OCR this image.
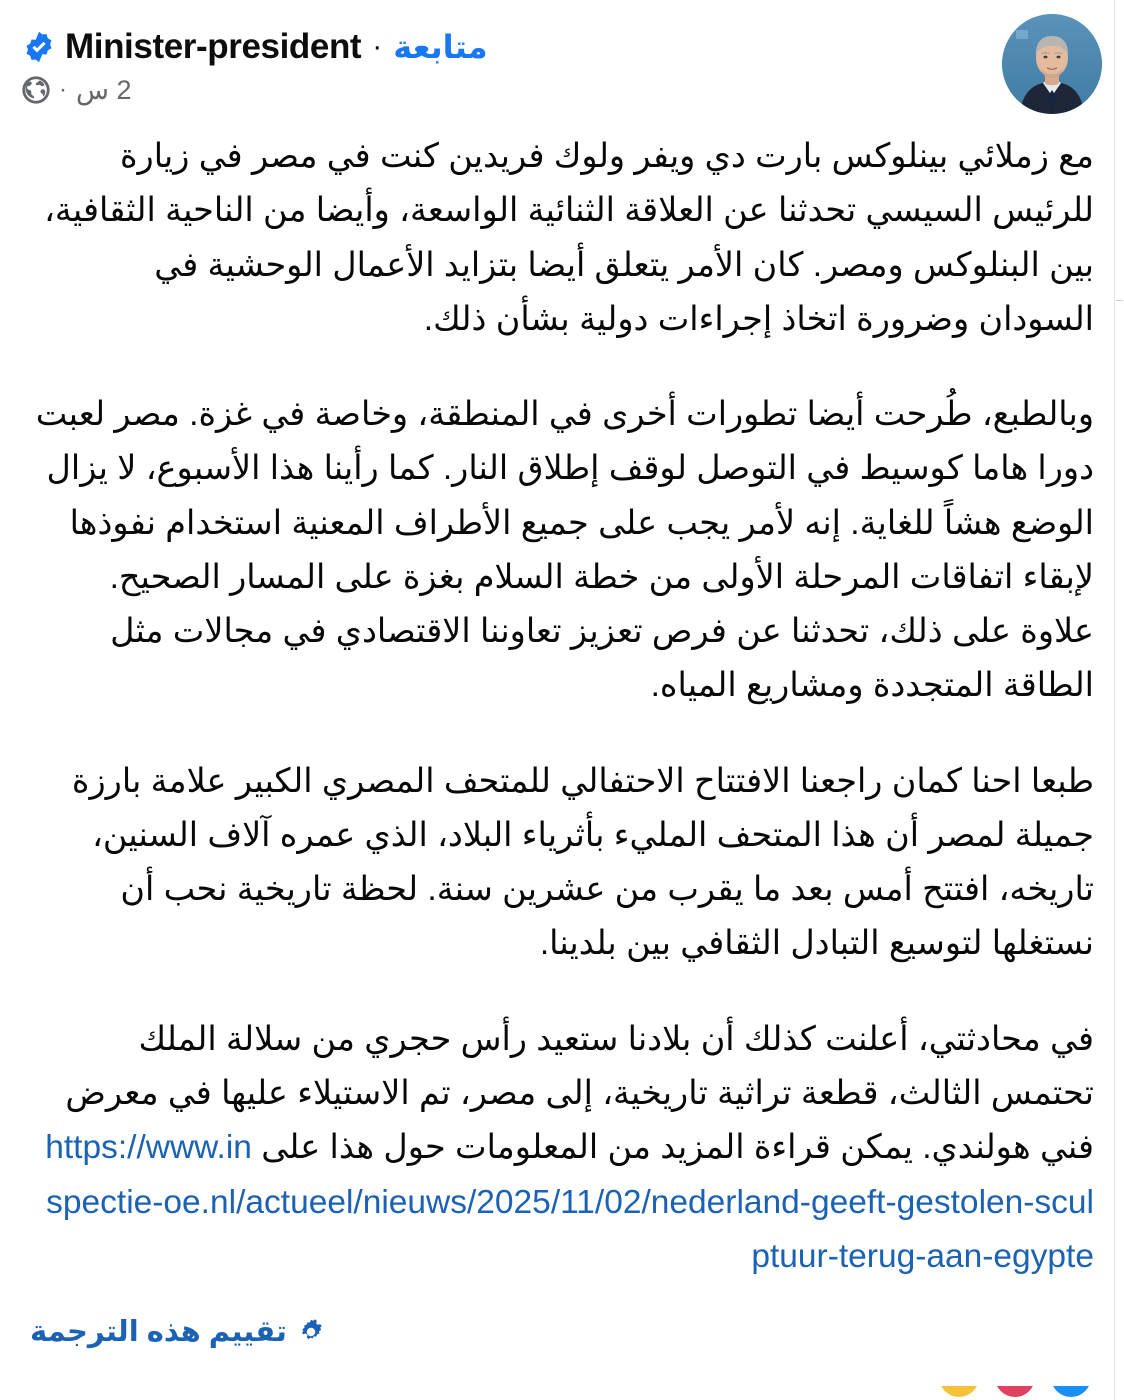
متابعة
·
Minister-president
2 س
·

مع زملائي بينلوكس بارت دي ويفر ولوك فريدين كنت في مصر في زيارة للرئيس السيسي تحدثنا عن العلاقة الثنائية الواسعة، وأيضا من الناحية الثقافية، بين البنلوكس ومصر. كان الأمر يتعلق أيضا بتزايد الأعمال الوحشية في السودان وضرورة اتخاذ إجراءات دولية بشأن ذلك.

وبالطبع، طُرحت أيضا تطورات أخرى في المنطقة، وخاصة في غزة. مصر لعبت دورا هاما كوسيط في التوصل لوقف إطلاق النار. كما رأينا هذا الأسبوع، لا يزال الوضع هشاً للغاية. إنه لأمر يجب على جميع الأطراف المعنية استخدام نفوذها لإبقاء اتفاقات المرحلة الأولى من خطة السلام بغزة على المسار الصحيح. علاوة على ذلك، تحدثنا عن فرص تعزيز تعاوننا الاقتصادي في مجالات مثل الطاقة المتجددة ومشاريع المياه.

طبعا احنا كمان راجعنا الافتتاح الاحتفالي للمتحف المصري الكبير علامة بارزة جميلة لمصر أن هذا المتحف المليء بأثرياء البلاد، الذي عمره آلاف السنين، تاريخه، افتتح أمس بعد ما يقرب من عشرين سنة. لحظة تاريخية نحب أن نستغلها لتوسيع التبادل الثقافي بين بلدينا.

في محادثتي، أعلنت كذلك أن بلادنا ستعيد رأس حجري من سلالة الملك تحتمس الثالث، قطعة تراثية تاريخية، إلى مصر، تم الاستيلاء عليها في معرض فني هولندي. يمكن قراءة المزيد من المعلومات حول هذا على https://www.inspectie-oe.nl/actueel/nieuws/2025/11/02/nederland-geeft-gestolen-sculptuur-terug-aan-egypte

تقييم هذه الترجمة
